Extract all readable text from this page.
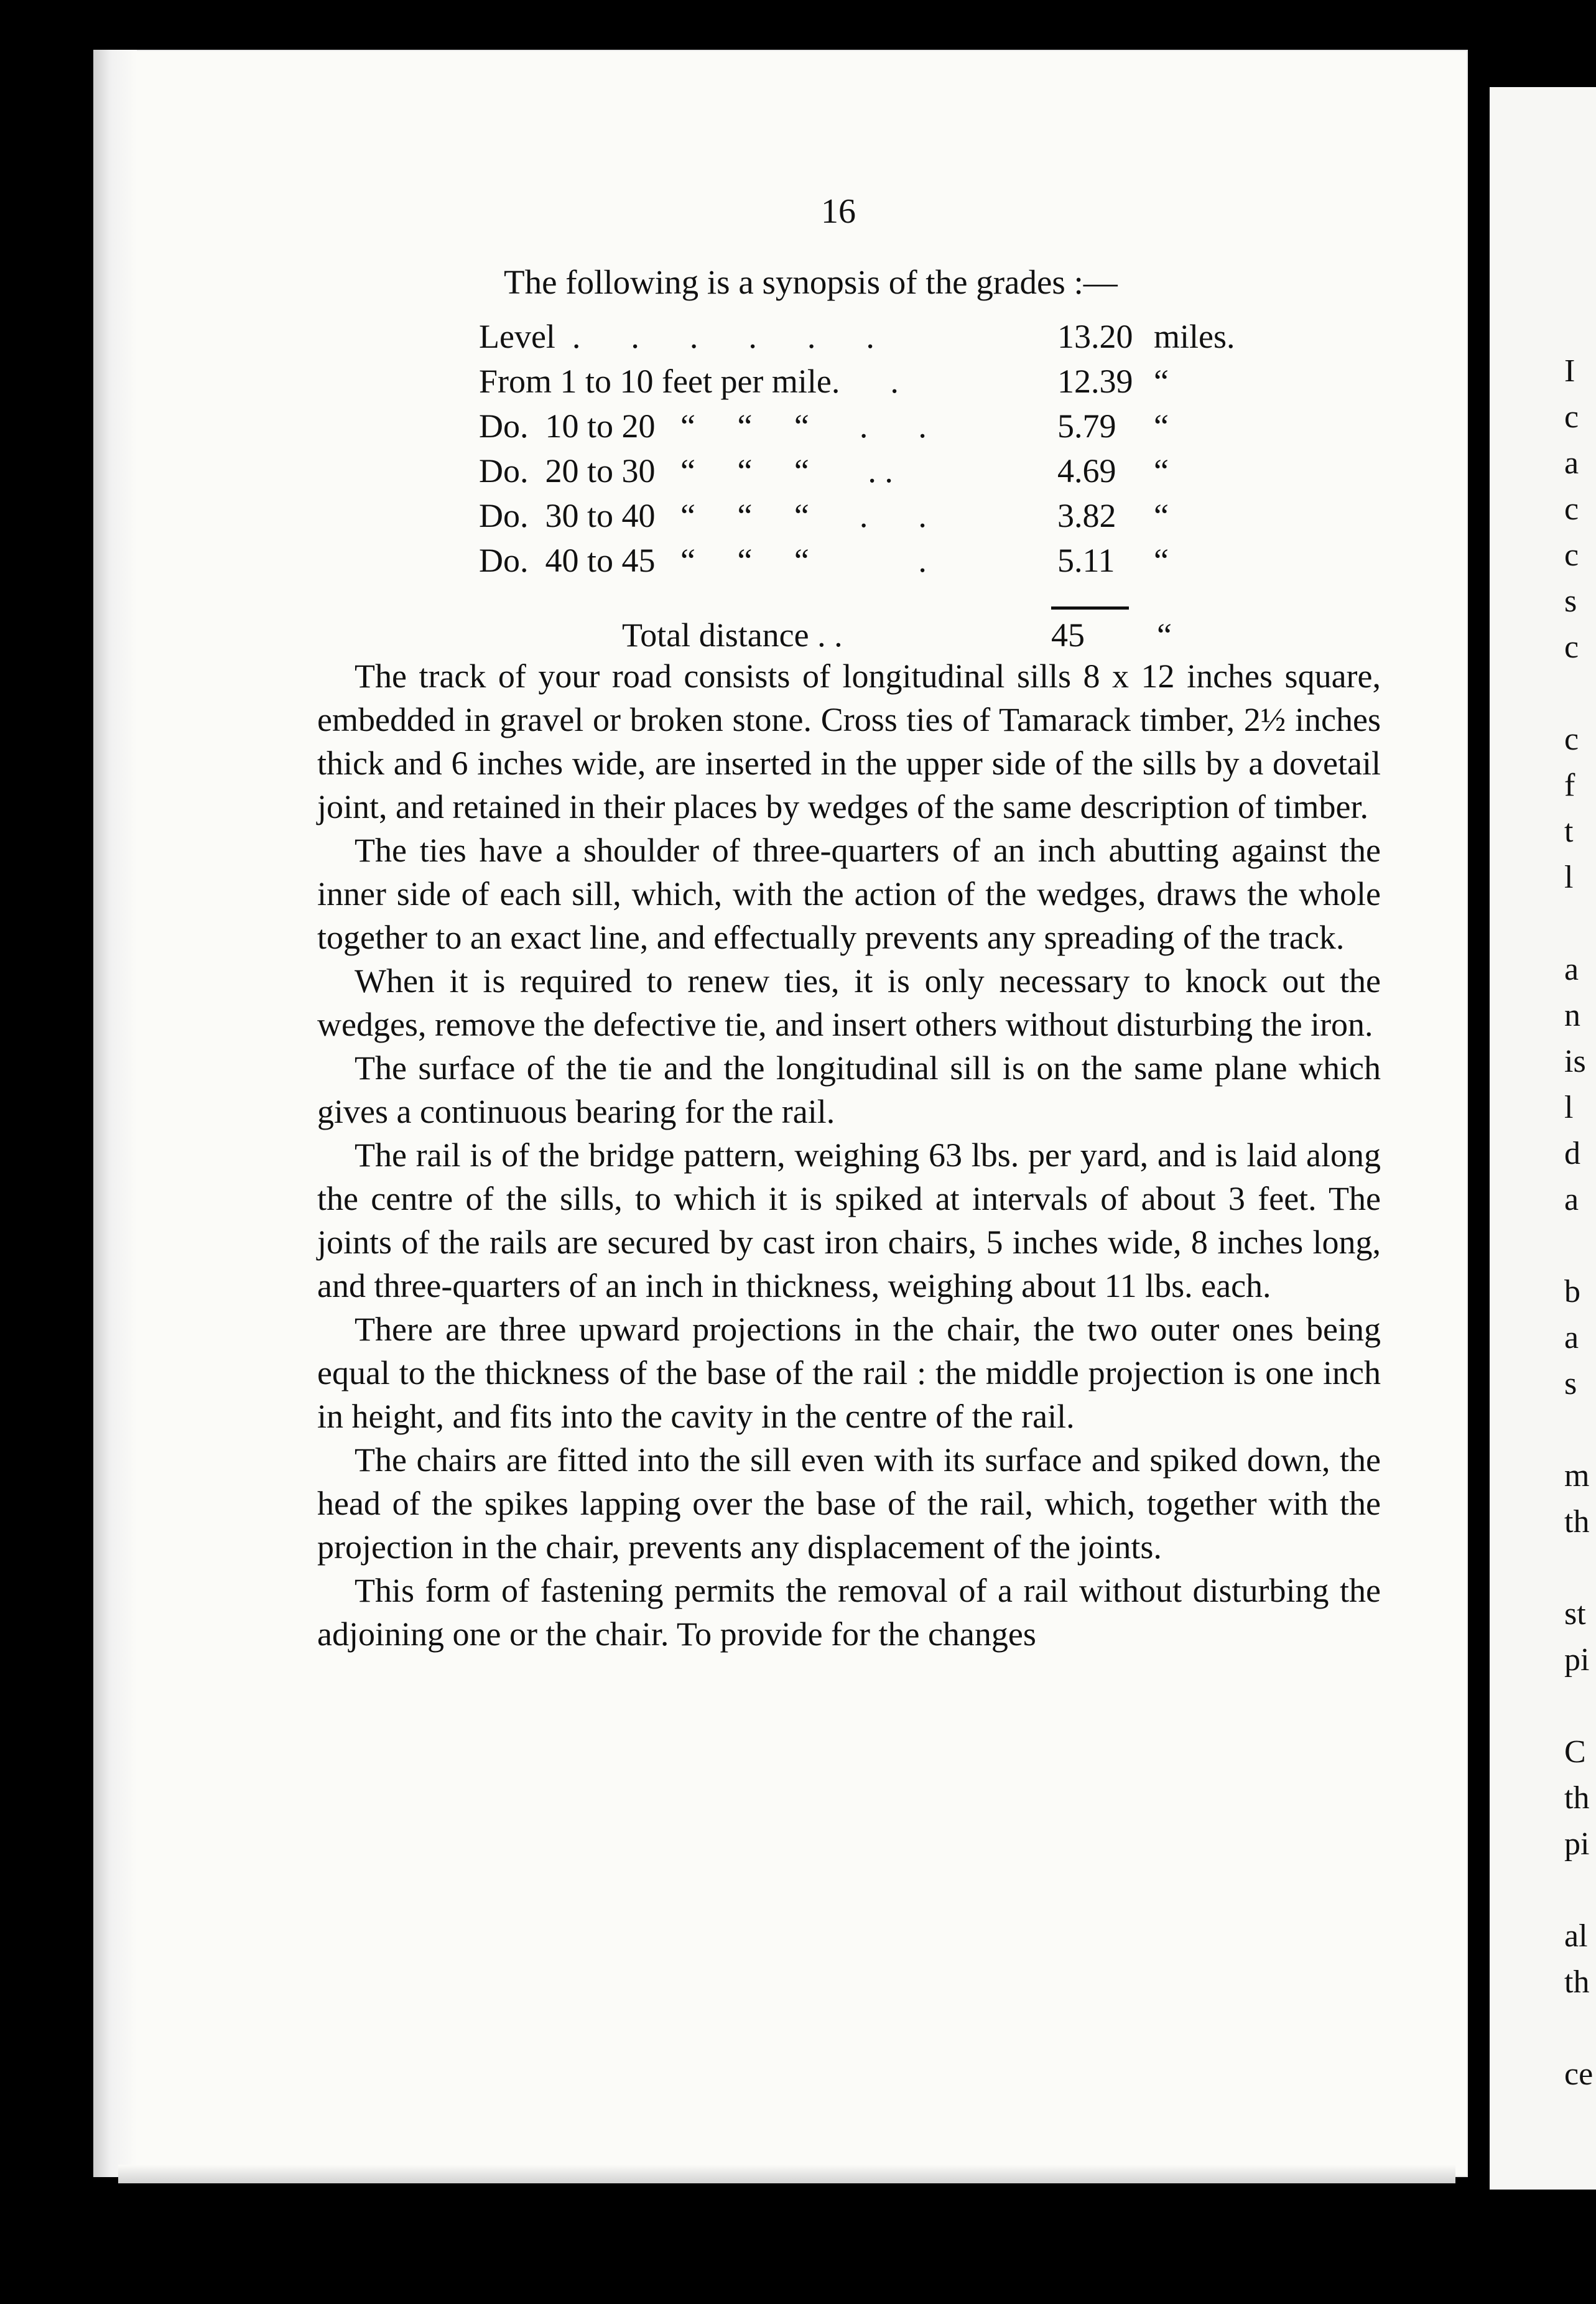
I
c
a
c
c
s
c

c
f
t
l

a
n
is
l
d
a

b
a
s

m
th

st
pi

C
th
pi

al
th

ce
16
The following is a synopsis of the grades :—
Level  .      .      .      .      .      .	13.20 miles.
From 1 to 10 feet per mile.      .	12.39 “
Do.  10 to 20   “     “     “      .      .	5.79 “
Do.  20 to 30   “     “     “       . .	4.69 “
Do.  30 to 40   “     “     “      .      .	3.82 “
Do.  40 to 45   “     “     “             .	5.11 “
Total distance . .	45 “

The track of your road consists of longitudinal sills 8 x 12 inches square, embedded in gravel or broken stone. Cross ties of Tamarack timber, 2½ inches thick and 6 inches wide, are inserted in the upper side of the sills by a dovetail joint, and retained in their places by wedges of the same description of timber.

The ties have a shoulder of three-quarters of an inch abutting against the inner side of each sill, which, with the action of the wedges, draws the whole together to an exact line, and effectually prevents any spreading of the track.

When it is required to renew ties, it is only necessary to knock out the wedges, remove the defective tie, and insert others without disturbing the iron.

The surface of the tie and the longitudinal sill is on the same plane which gives a continuous bearing for the rail.

The rail is of the bridge pattern, weighing 63 lbs. per yard, and is laid along the centre of the sills, to which it is spiked at intervals of about 3 feet. The joints of the rails are secured by cast iron chairs, 5 inches wide, 8 inches long, and three-quarters of an inch in thickness, weighing about 11 lbs. each.

There are three upward projections in the chair, the two outer ones being equal to the thickness of the base of the rail : the middle projection is one inch in height, and fits into the cavity in the centre of the rail.

The chairs are fitted into the sill even with its surface and spiked down, the head of the spikes lapping over the base of the rail, which, together with the projection in the chair, prevents any displacement of the joints.

This form of fastening permits the removal of a rail without disturbing the adjoining one or the chair. To provide for the changes
